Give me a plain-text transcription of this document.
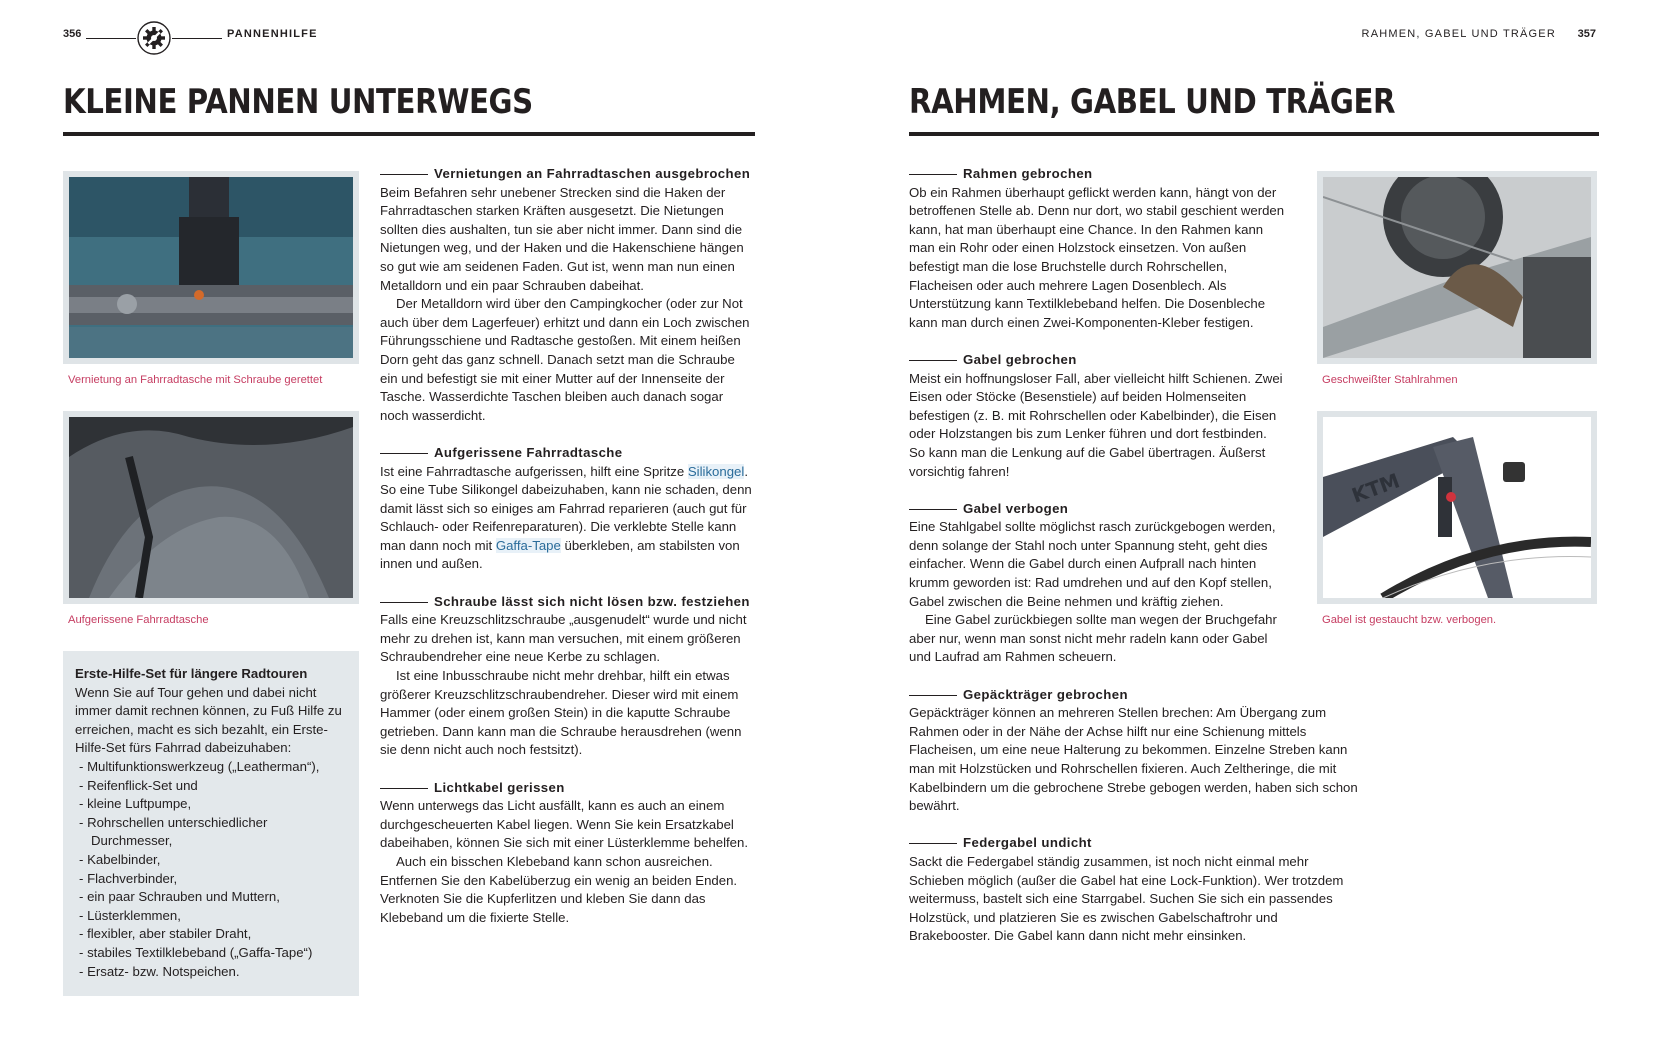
356	PANNENHILFE	RAHMEN, GABEL UND TRÄGER 357
KLEINE PANNEN UNTERWEGS	RAHMEN, GABEL UND TRÄGER
Vernietung an Fahrradtasche mit Schraube gerettet
Aufgerissene Fahrradtasche
Erste-Hilfe-Set für längere Radtouren

Wenn Sie auf Tour gehen und dabei nicht immer damit rechnen können, zu Fuß Hilfe zu erreichen, macht es sich bezahlt, ein Erste-Hilfe-Set fürs Fahrrad dabeizuhaben:

- Multifunktionswerkzeug („Leatherman“),
- Reifenflick-Set und
- kleine Luftpumpe,
- Rohrschellen unterschiedlicher Durchmesser,
- Kabelbinder,
- Flachverbinder,
- ein paar Schrauben und Muttern,
- Lüsterklemmen,
- flexibler, aber stabiler Draht,
- stabiles Textilklebeband („Gaffa-Tape“)
- Ersatz- bzw. Notspeichen.
Vernietungen an Fahrradtaschen ausgebrochen

Beim Befahren sehr unebener Strecken sind die Haken der Fahrradtaschen starken Kräften ausgesetzt. Die Nietungen sollten dies aushalten, tun sie aber nicht immer. Dann sind die Nietungen weg, und der Haken und die Hakenschiene hängen so gut wie am seidenen Faden. Gut ist, wenn man nun einen Metalldorn und ein paar Schrauben dabeihat.

Der Metalldorn wird über den Campingkocher (oder zur Not auch über dem Lagerfeuer) erhitzt und dann ein Loch zwischen Führungsschiene und Radtasche gestoßen. Mit einem heißen Dorn geht das ganz schnell. Danach setzt man die Schraube ein und befestigt sie mit einer Mutter auf der Innenseite der Tasche. Wasserdichte Taschen bleiben auch danach sogar noch wasserdicht.

Aufgerissene Fahrradtasche

Ist eine Fahrradtasche aufgerissen, hilft eine Spritze Silikongel. So eine Tube Silikongel dabeizuhaben, kann nie schaden, denn damit lässt sich so einiges am Fahrrad reparieren (auch gut für Schlauch- oder Reifenreparaturen). Die verklebte Stelle kann man dann noch mit Gaffa-Tape überkleben, am stabilsten von innen und außen.

Schraube lässt sich nicht lösen bzw. festziehen

Falls eine Kreuzschlitzschraube „ausgenudelt“ wurde und nicht mehr zu drehen ist, kann man versuchen, mit einem größeren Schraubendreher eine neue Kerbe zu schlagen.

Ist eine Inbusschraube nicht mehr drehbar, hilft ein etwas größerer Kreuzschlitzschraubendreher. Dieser wird mit einem Hammer (oder einem großen Stein) in die kaputte Schraube getrieben. Dann kann man die Schraube herausdrehen (wenn sie denn nicht auch noch festsitzt).

Lichtkabel gerissen

Wenn unterwegs das Licht ausfällt, kann es auch an einem durchgescheuerten Kabel liegen. Wenn Sie kein Ersatzkabel dabeihaben, können Sie sich mit einer Lüsterklemme behelfen.

Auch ein bisschen Klebeband kann schon ausreichen. Entfernen Sie den Kabelüberzug ein wenig an beiden Enden. Verknoten Sie die Kupferlitzen und kleben Sie dann das Klebeband um die fixierte Stelle.

Rahmen gebrochen

Ob ein Rahmen überhaupt geflickt werden kann, hängt von der betroffenen Stelle ab. Denn nur dort, wo stabil geschient werden kann, hat man überhaupt eine Chance. In den Rahmen kann man ein Rohr oder einen Holzstock einsetzen. Von außen befestigt man die lose Bruchstelle durch Rohrschellen, Flacheisen oder auch mehrere Lagen Dosenblech. Als Unterstützung kann Textilklebeband helfen. Die Dosenbleche kann man durch einen Zwei-Komponenten-Kleber festigen.

Gabel gebrochen

Meist ein hoffnungsloser Fall, aber vielleicht hilft Schienen. Zwei Eisen oder Stöcke (Besenstiele) auf beiden Holmenseiten befestigen (z. B. mit Rohrschellen oder Kabelbinder), die Eisen oder Holzstangen bis zum Lenker führen und dort festbinden. So kann man die Lenkung auf die Gabel übertragen. Äußerst vorsichtig fahren!

Gabel verbogen

Eine Stahlgabel sollte möglichst rasch zurückgebogen werden, denn solange der Stahl noch unter Spannung steht, geht dies einfacher. Wenn die Gabel durch einen Aufprall nach hinten krumm geworden ist: Rad umdrehen und auf den Kopf stellen, Gabel zwischen die Beine nehmen und kräftig ziehen.

Eine Gabel zurückbiegen sollte man wegen der Bruchgefahr aber nur, wenn man sonst nicht mehr radeln kann oder Gabel und Laufrad am Rahmen scheuern.

Gepäckträger gebrochen

Gepäckträger können an mehreren Stellen brechen: Am Übergang zum Rahmen oder in der Nähe der Achse hilft nur eine Schienung mittels Flacheisen, um eine neue Halterung zu bekommen. Einzelne Streben kann man mit Holzstücken und Rohrschellen fixieren. Auch Zeltheringe, die mit Kabelbindern um die gebrochene Strebe gebogen werden, haben sich schon bewährt.

Federgabel undicht

Sackt die Federgabel ständig zusammen, ist noch nicht einmal mehr Schieben möglich (außer die Gabel hat eine Lock-Funktion). Wer trotzdem weitermuss, bastelt sich eine Starrgabel. Suchen Sie sich ein passendes Holzstück, und platzieren Sie es zwischen Gabelschaftrohr und Brakebooster. Die Gabel kann dann nicht mehr einsinken.

Geschweißter Stahlrahmen
KTM
Gabel ist gestaucht bzw. verbogen.
